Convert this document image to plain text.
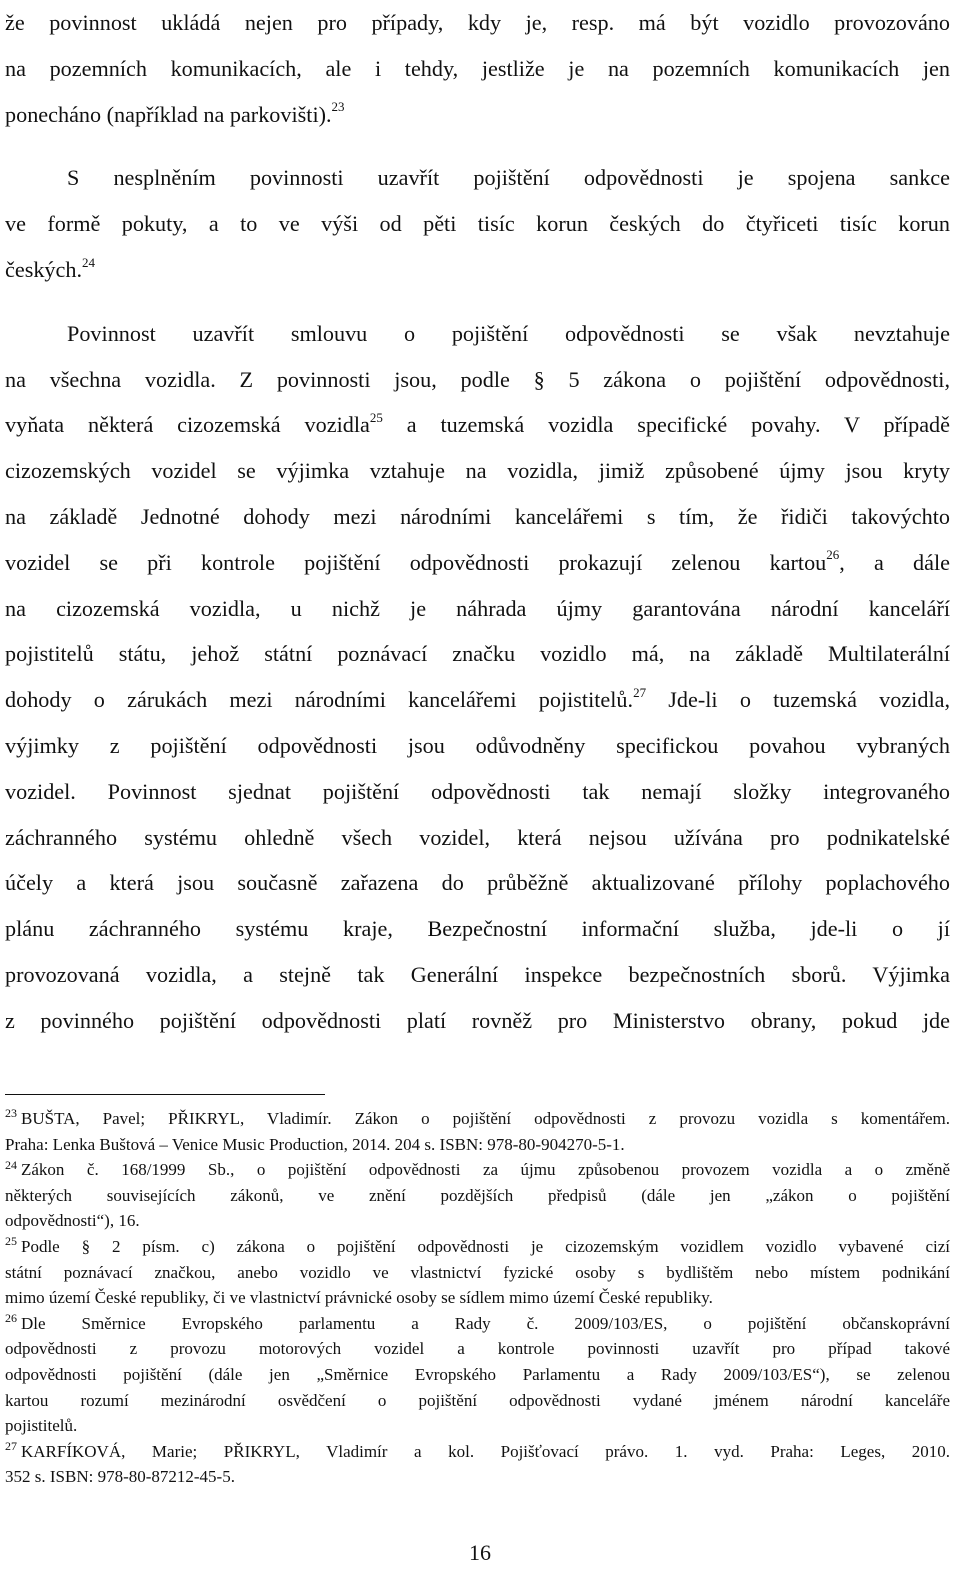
že povinnost ukládá nejen pro případy, kdy je, resp. má být vozidlo provozováno
na pozemních komunikacích, ale i tehdy, jestliže je na pozemních komunikacích jen
ponecháno (například na parkovišti).$^{23}$
S nesplněním povinnosti uzavřít pojištění odpovědnosti je spojena sankce
ve formě pokuty, a to ve výši od pěti tisíc korun českých do čtyřiceti tisíc korun
českých.$^{24}$
Povinnost uzavřít smlouvu o pojištění odpovědnosti se však nevztahuje
na všechna vozidla. Z povinnosti jsou, podle § 5 zákona o pojištění odpovědnosti,
vyňata některá cizozemská vozidla$^{25}$ a tuzemská vozidla specifické povahy. V případě
cizozemských vozidel se výjimka vztahuje na vozidla, jimiž způsobené újmy jsou kryty
na základě Jednotné dohody mezi národními kancelářemi s tím, že řidiči takovýchto
vozidel se při kontrole pojištění odpovědnosti prokazují zelenou kartou$^{26}$, a dále
na cizozemská vozidla, u nichž je náhrada újmy garantována národní kanceláří
pojistitelů státu, jehož státní poznávací značku vozidlo má, na základě Multilaterální
dohody o zárukách mezi národními kancelářemi pojistitelů.$^{27}$ Jde-li o tuzemská vozidla,
výjimky z pojištění odpovědnosti jsou odůvodněny specifickou povahou vybraných
vozidel. Povinnost sjednat pojištění odpovědnosti tak nemají složky integrovaného
záchranného systému ohledně všech vozidel, která nejsou užívána pro podnikatelské
účely a která jsou současně zařazena do průběžně aktualizované přílohy poplachového
plánu záchranného systému kraje, Bezpečnostní informační služba, jde-li o jí
provozovaná vozidla, a stejně tak Generální inspekce bezpečnostních sborů. Výjimka
z povinného pojištění odpovědnosti platí rovněž pro Ministerstvo obrany, pokud jde
$^{23}$ BUŠTA, Pavel; PŘIKRYL, Vladimír. Zákon o pojištění odpovědnosti z provozu vozidla s komentářem.
Praha: Lenka Buštová – Venice Music Production, 2014. 204 s. ISBN: 978-80-904270-5-1.
$^{24}$ Zákon č. 168/1999 Sb., o pojištění odpovědnosti za újmu způsobenou provozem vozidla a o změně
některých souvisejících zákonů, ve znění pozdějších předpisů (dále jen „zákon o pojištění
odpovědnosti“), 16.
$^{25}$ Podle § 2 písm. c) zákona o pojištění odpovědnosti je cizozemským vozidlem vozidlo vybavené cizí
státní poznávací značkou, anebo vozidlo ve vlastnictví fyzické osoby s bydlištěm nebo místem podnikání
mimo území České republiky, či ve vlastnictví právnické osoby se sídlem mimo území České republiky.
$^{26}$ Dle Směrnice Evropského parlamentu a Rady č. 2009/103/ES, o pojištění občanskoprávní
odpovědnosti z provozu motorových vozidel a kontrole povinnosti uzavřít pro případ takové
odpovědnosti pojištění (dále jen „Směrnice Evropského Parlamentu a Rady 2009/103/ES“), se zelenou
kartou rozumí mezinárodní osvědčení o pojištění odpovědnosti vydané jménem národní kanceláře
pojistitelů.
$^{27}$ KARFÍKOVÁ, Marie; PŘIKRYL, Vladimír a kol. Pojišťovací právo. 1. vyd. Praha: Leges, 2010.
352 s. ISBN: 978-80-87212-45-5.
16
